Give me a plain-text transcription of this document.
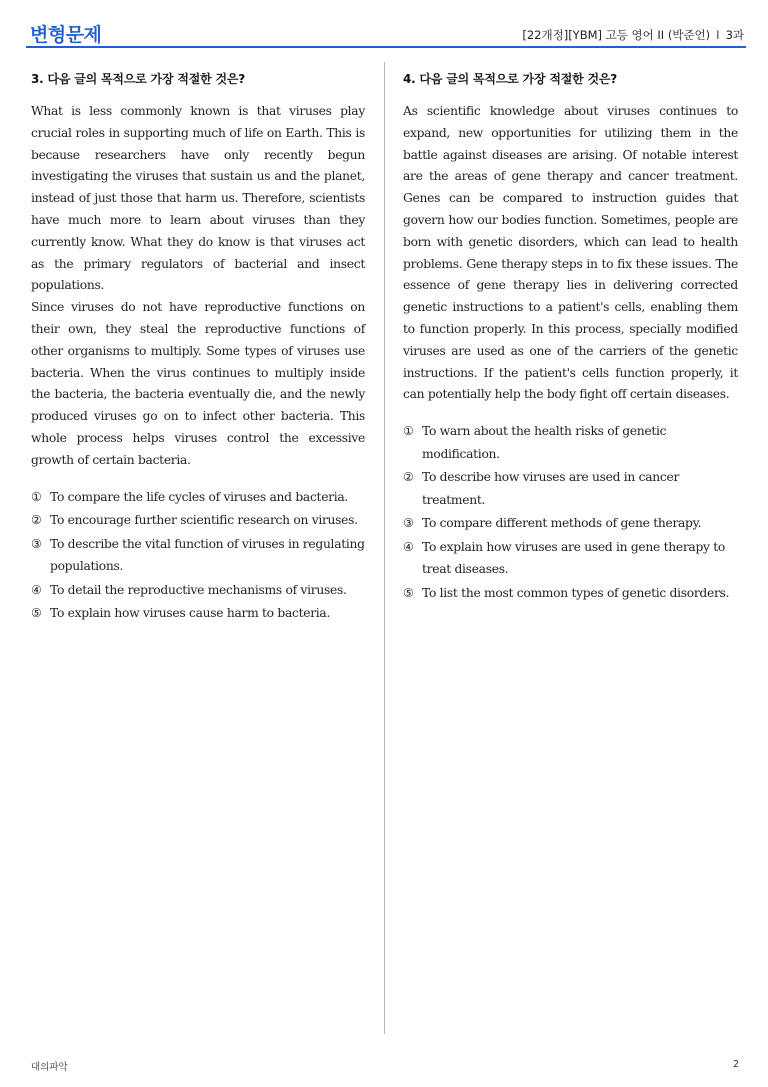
변형문제	[22개정][YBM] 고등 영어 II (박준언) I 3과
3. 다음 글의 목적으로 가장 적절한 것은?

What is less commonly known is that viruses play crucial roles in supporting much of life on Earth. This is because researchers have only recently begun investigating the viruses that sustain us and the planet, instead of just those that harm us. Therefore, scientists have much more to learn about viruses than they currently know. What they do know is that viruses act as the primary regulators of bacterial and insect populations.

Since viruses do not have reproductive functions on their own, they steal the reproductive functions of other organisms to multiply. Some types of viruses use bacteria. When the virus continues to multiply inside the bacteria, the bacteria eventually die, and the newly produced viruses go on to infect other bacteria. This whole process helps viruses control the excessive growth of certain bacteria.

① To compare the life cycles of viruses and bacteria.
② To encourage further scientific research on viruses.
③ To describe the vital function of viruses in regulating populations.
④ To detail the reproductive mechanisms of viruses.
⑤ To explain how viruses cause harm to bacteria.
4. 다음 글의 목적으로 가장 적절한 것은?

As scientific knowledge about viruses continues to expand, new opportunities for utilizing them in the battle against diseases are arising. Of notable interest are the areas of gene therapy and cancer treatment. Genes can be compared to instruction guides that govern how our bodies function. Sometimes, people are born with genetic disorders, which can lead to health problems. Gene therapy steps in to fix these issues. The essence of gene therapy lies in delivering corrected genetic instructions to a patient's cells, enabling them to function properly. In this process, specially modified viruses are used as one of the carriers of the genetic instructions. If the patient's cells function properly, it can potentially help the body fight off certain diseases.

① To warn about the health risks of genetic modification.
② To describe how viruses are used in cancer treatment.
③ To compare different methods of gene therapy.
④ To explain how viruses are used in gene therapy to treat diseases.
⑤ To list the most common types of genetic disorders.
대의파악	2
